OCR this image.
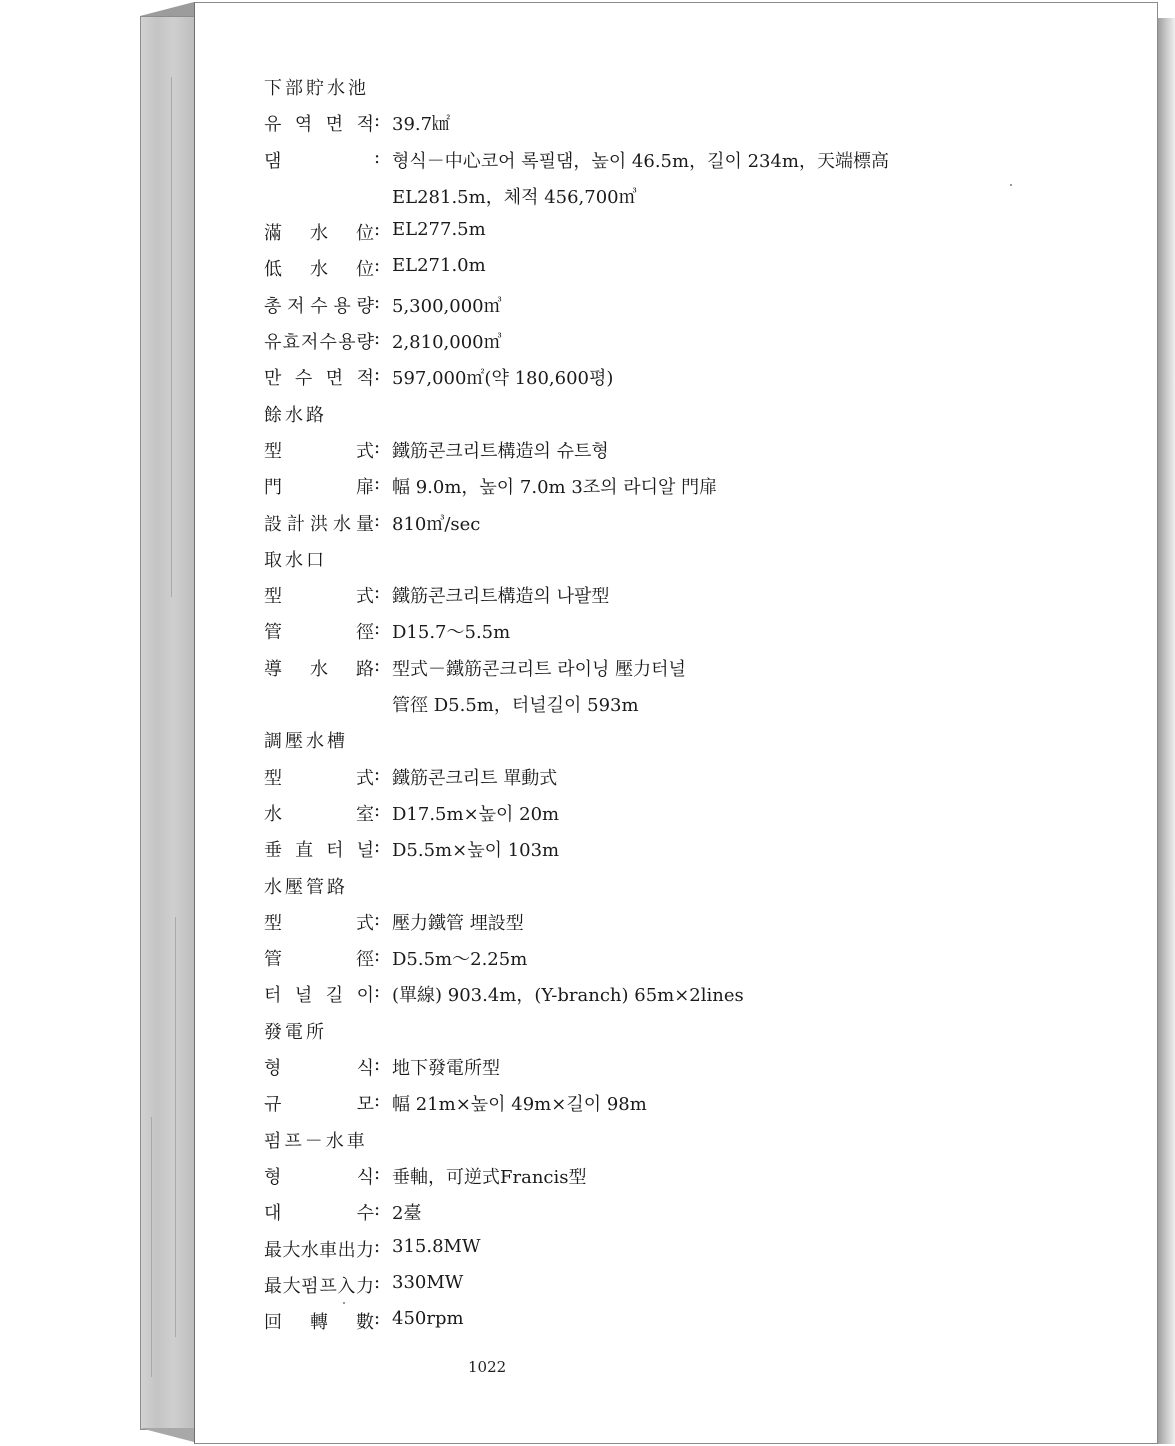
下部貯水池
유 역 면 적 : 39.7㎢
댐	: 형식－中心코어 록필댐，높이 46.5m，길이 234m，天端標高
EL281.5m，체적 456,700㎥
滿 水 位 : EL277.5m
低 水 位 : EL271.0m
총 저 수 용 량 : 5,300,000㎥
유 효 저 수 용 량 : 2,810,000㎥
만 수 면 적 : 597,000㎡(약 180,600평)
餘水路
型	式 : 鐵筋콘크리트構造의 슈트형
門	扉 : 幅 9.0m，높이 7.0m 3조의 라디알 門扉
設 計 洪 水 量 : 810㎥/sec
取水口
型	式 : 鐵筋콘크리트構造의 나팔型
管	徑 : D15.7～5.5m
導 水 路 : 型式－鐵筋콘크리트 라이닝 壓力터널
管徑 D5.5m，터널길이 593m
調壓水槽
型	式 : 鐵筋콘크리트 單動式
水	室 : D17.5m×높이 20m
垂 直 터 널 : D5.5m×높이 103m
水壓管路
型	式 : 壓力鐵管 埋設型
管	徑 : D5.5m～2.25m
터 널 길 이 : (單線) 903.4m，(Y-branch) 65m×2lines
發電所
형	식 : 地下發電所型
규	모 : 幅 21m×높이 49m×길이 98m
펌프－水車
형	식 : 垂軸，可逆式Francis型
대	수 : 2臺
最 大 水 車 出 力 : 315.8MW
最 大 펌 프 入 力 : 330MW
回 轉 數 : 450rpm
1022
